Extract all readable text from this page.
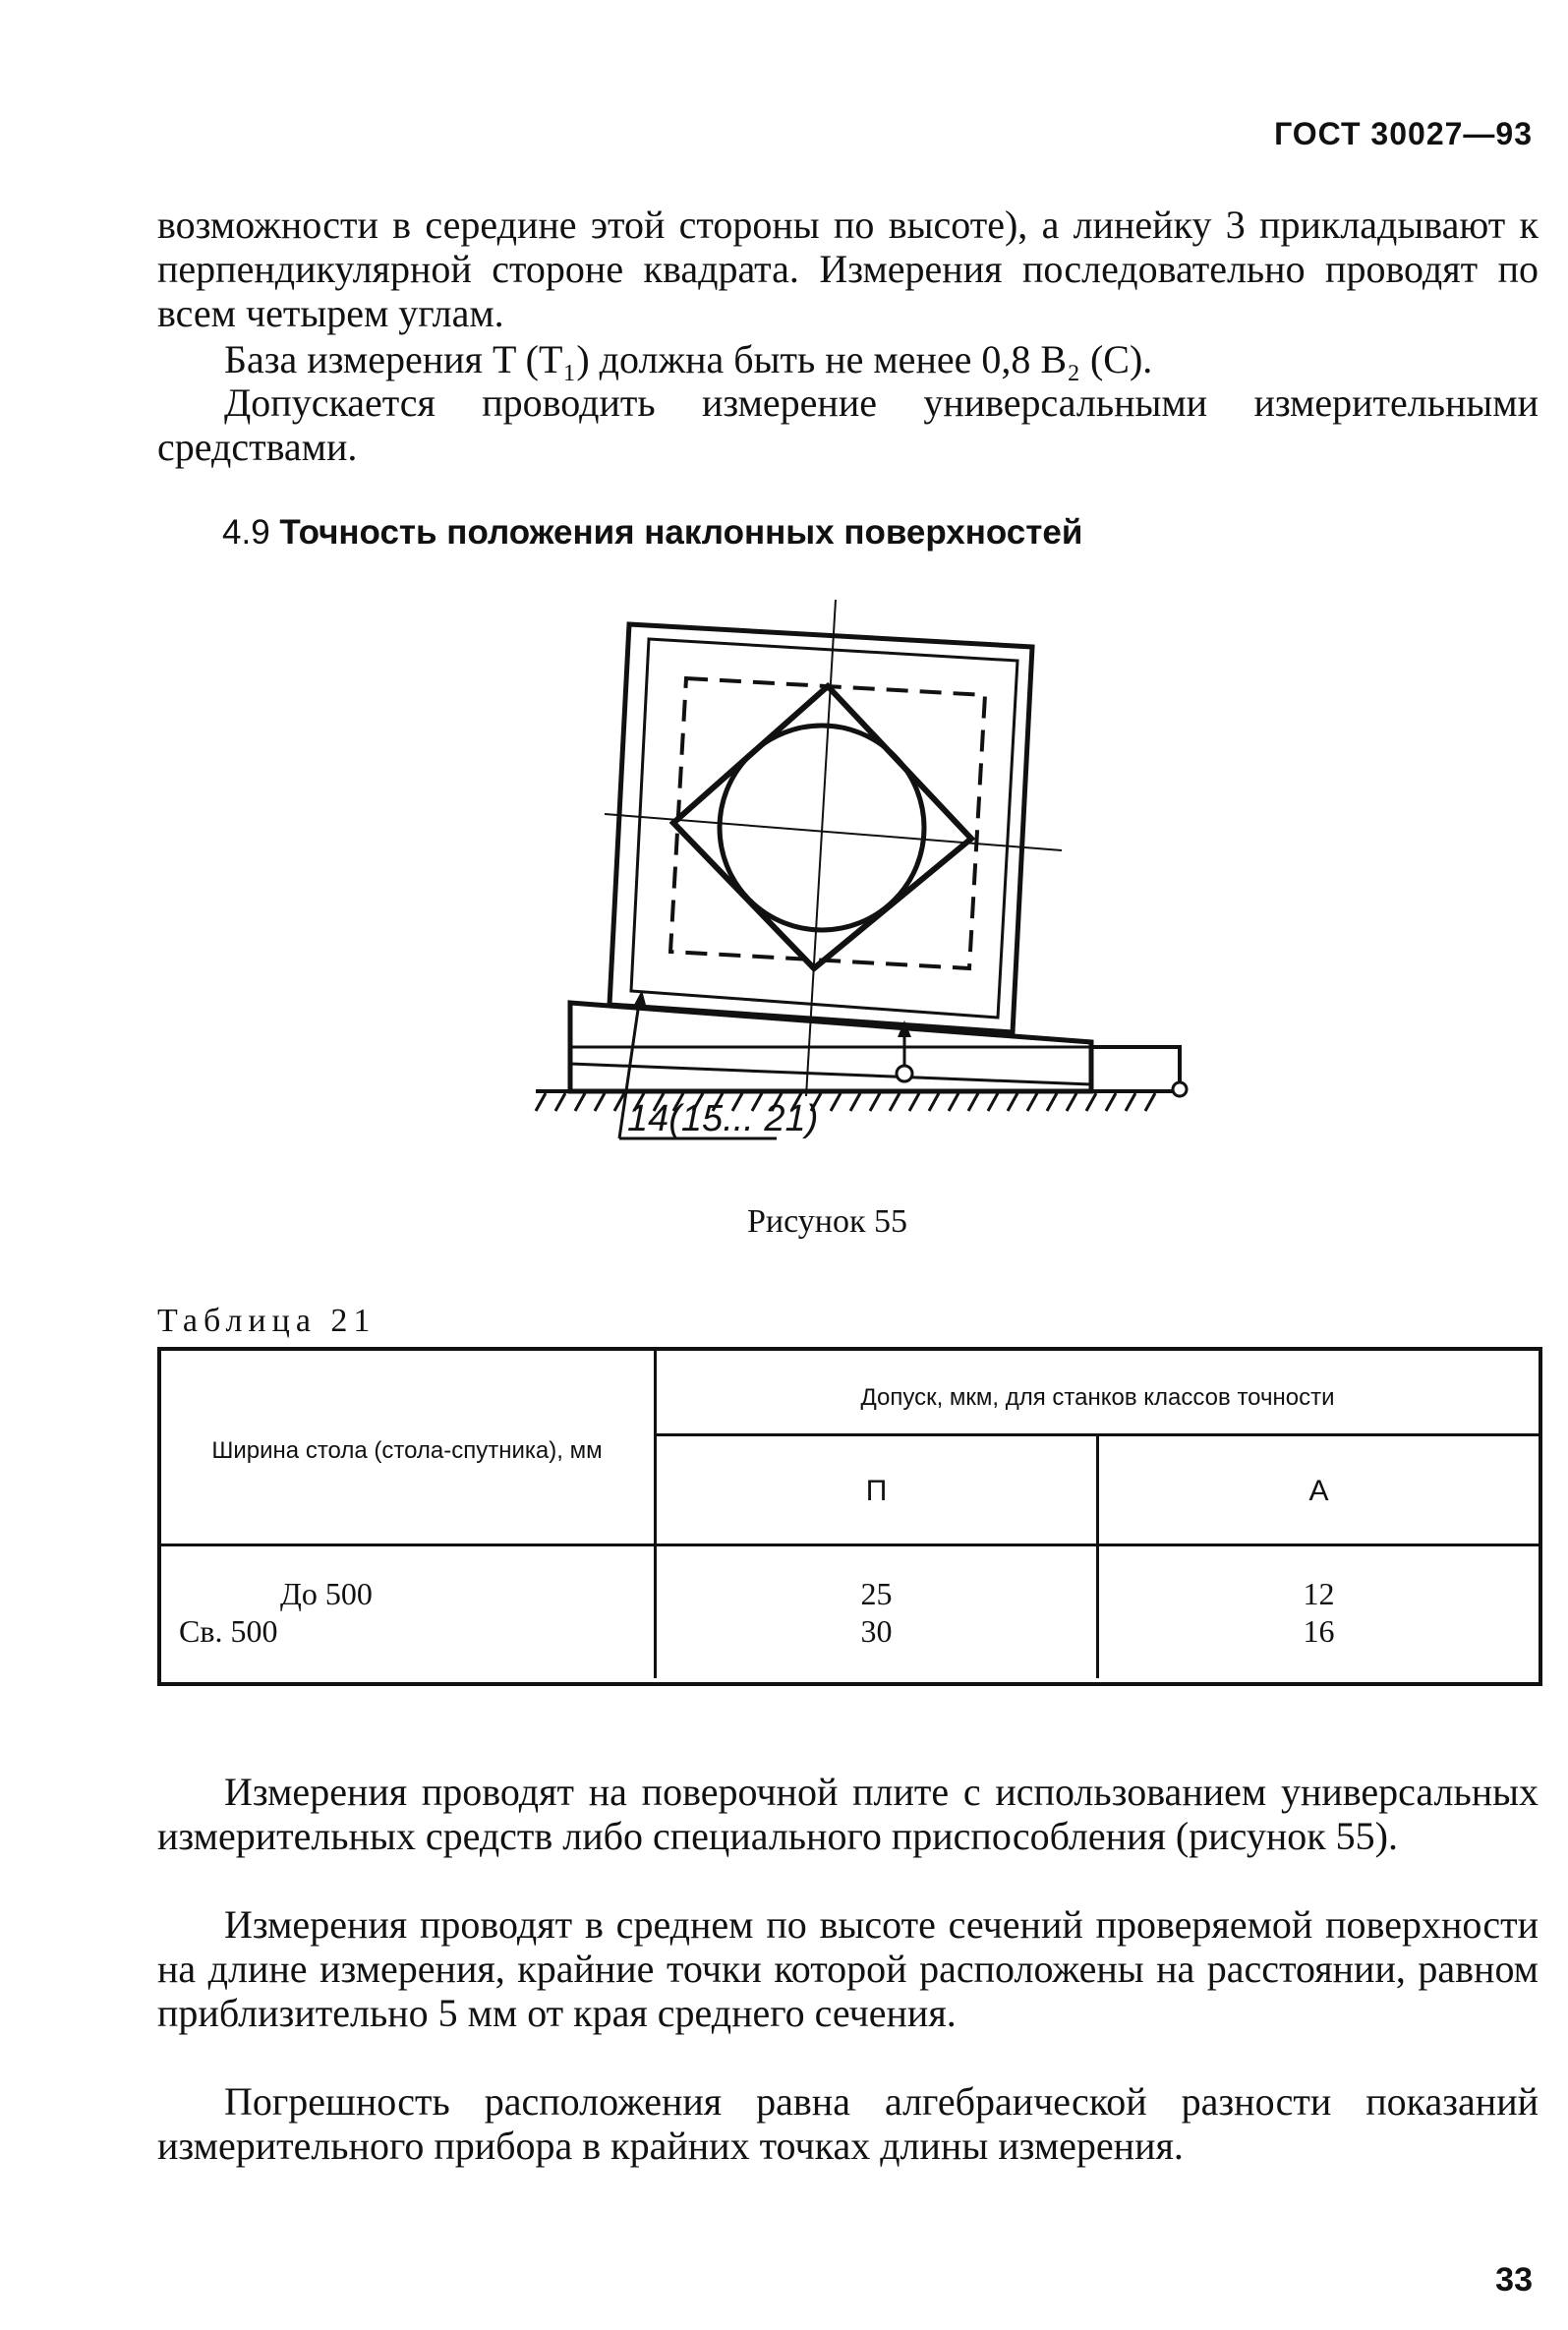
ГОСТ 30027—93

возможности в середине этой стороны по высоте), а линейку 3 прикладывают к перпендикулярной стороне квадрата. Измерения последовательно проводят по всем четырем углам.

База измерения T (T₁) должна быть не менее 0,8 B₂ (C).

Допускается проводить измерение универсальными измерительными средствами.

4.9 Точность положения наклонных поверхностей
14(15... 21)
Рисунок 55
Таблица 21
Ширина стола (стола-спутника), мм
Допуск, мкм, для станков классов точности
П	А
До 500
Св. 500
25
30
12
16

Измерения проводят на поверочной плите с использованием универсальных измерительных средств либо специального приспособления (рисунок 55).

Измерения проводят в среднем по высоте сечений проверяемой поверхности на длине измерения, крайние точки которой расположены на расстоянии, равном приблизительно 5 мм от края среднего сечения.

Погрешность расположения равна алгебраической разности показаний измерительного прибора в крайних точках длины измерения.

33
